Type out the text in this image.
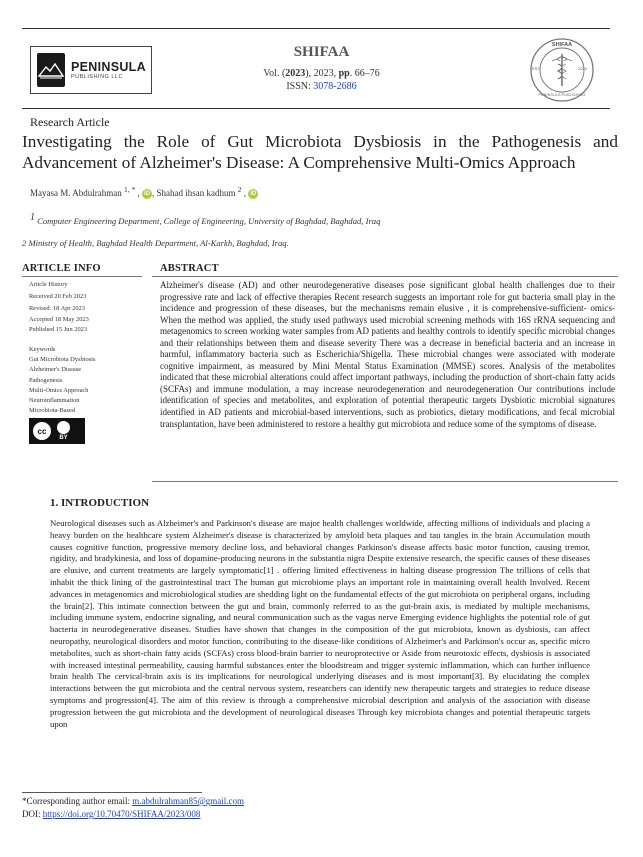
PENINSULA
PUBLISHING LLC
SHIFAA
Vol. (2023), 2023, pp. 66–76
ISSN: 3078-2686
SHIFAA
EST:	2024
PENINSULA PUBLISHING
Research Article
Investigating the Role of Gut Microbiota Dysbiosis in the Pathogenesis and Advancement of Alzheimer's Disease: A Comprehensive Multi-Omics Approach
Mayasa M. Abdulrahman $^{1, *}$ , iD , Shahad ihsan kadhum $^2$ , iD
$^1$ Computer Engineering Department, College of Engineering, University of Baghdad, Baghdad, Iraq
2 Ministry of Health, Baghdad Health Department, Al-Karkh, Baghdad, Iraq.
ARTICLE INFO
Article History
Received 20 Feb 2023
Revised: 18 Apr 2023
Accepted 18 May 2023
Published 15 Jun 2023
Keywords
Gut Microbiota Dysbiosis
Alzheimer's Disease
Pathogenesis
Multi-Omics Approach
Neuroinflammation
Microbiota-Based
cc
BY
ABSTRACT
Alzheimer's disease (AD) and other neurodegenerative diseases pose significant global health challenges due to their progressive rate and lack of effective therapies Recent research suggests an important role for gut bacteria small play in the incidence and progression of these diseases, but the mechanisms remain elusive , it is comprehensive-sufficient- omics- When the method was applied, the study used pathways used microbial screening methods with 16S rRNA sequencing and metagenomics to screen working water samples from AD patients and healthy controls to identify specific microbial changes and their relationships between them and disease severity There was a decrease in beneficial bacteria and an increase in harmful, inflammatory bacteria such as Escherichia/Shigella. These microbial changes were associated with moderate cognitive impairment, as measured by Mini Mental Status Examination (MMSE) scores. Analysis of the metabolites indicated that these microbial alterations could affect important pathways, including the production of short-chain fatty acids (SCFAs) and immune modulation, a may increase neurodegeneration and neurodegeneration Our contributions include identification of species and metabolites, and exploration of potential therapeutic targets Dysbiotic microbial signatures identified in AD patients and microbial-based interventions, such as probiotics, dietary modifications, and fecal microbial transplantation, have been administered to restore a healthy gut microbiota and reduce some of the symptoms of disease.
1. INTRODUCTION
Neurological diseases such as Alzheimer's and Parkinson's disease are major health challenges worldwide, affecting millions of individuals and placing a heavy burden on the healthcare system Alzheimer's disease is characterized by amyloid beta plaques and tau tangles in the brain Accumulation mouth causes cognitive function, progressive memory decline loss, and behavioral changes Parkinson's disease affects basic motor function, causing tremor, rigidity, and bradykinesia, and loss of dopamine-producing neurons in the substantia nigra Despite extensive research, the specific causes of these diseases are elusive, and current treatments are largely symptomatic[1] . offering limited effectiveness in halting disease progression The trillions of cells that inhabit the thick lining of the gastrointestinal tract The human gut microbiome plays an important role in maintaining overall health Involved. Recent advances in metagenomics and microbiological studies are shedding light on the fundamental effects of the gut microbiota on peripheral organs, including the brain[2]. This intimate connection between the gut and brain, commonly referred to as the gut-brain axis, is mediated by multiple mechanisms, including immune system, endocrine signaling, and neural communication such as the vagus nerve Emerging evidence highlights the potential role of gut bacteria in neurodegenerative diseases. Studies have shown that changes in the composition of the gut microbiota, known as dysbiosis, can affect neuropathy, neurological disorders and motor function, contributing to the disease-like conditions of Alzheimer's and Parkinson's occur as, specific micro metabolites, such as short-chain fatty acids (SCFAs) cross blood-brain barrier to neuroprotective or Aside from neurotoxic effects, dysbiosis is associated with increased intestinal permeability, causing harmful substances enter the bloodstream and trigger systemic inflammation, which can further influence brain health The cervical-brain axis is its implications for neurological underlying diseases and is most important[3]. By elucidating the complex interactions between the gut microbiota and the central nervous system, researchers can identify new therapeutic targets and strategies to reduce disease symptoms and progression[4]. The aim of this review is through a comprehensive microbial description and analysis of the association with disease progression between the gut microbiota and the development of neurological diseases Through key microbiota changes and potential therapeutic targets upon
*Corresponding author email: m.abdulrahman85@gmail.com
DOI: https://doi.org/10.70470/SHIFAA/2023/008
